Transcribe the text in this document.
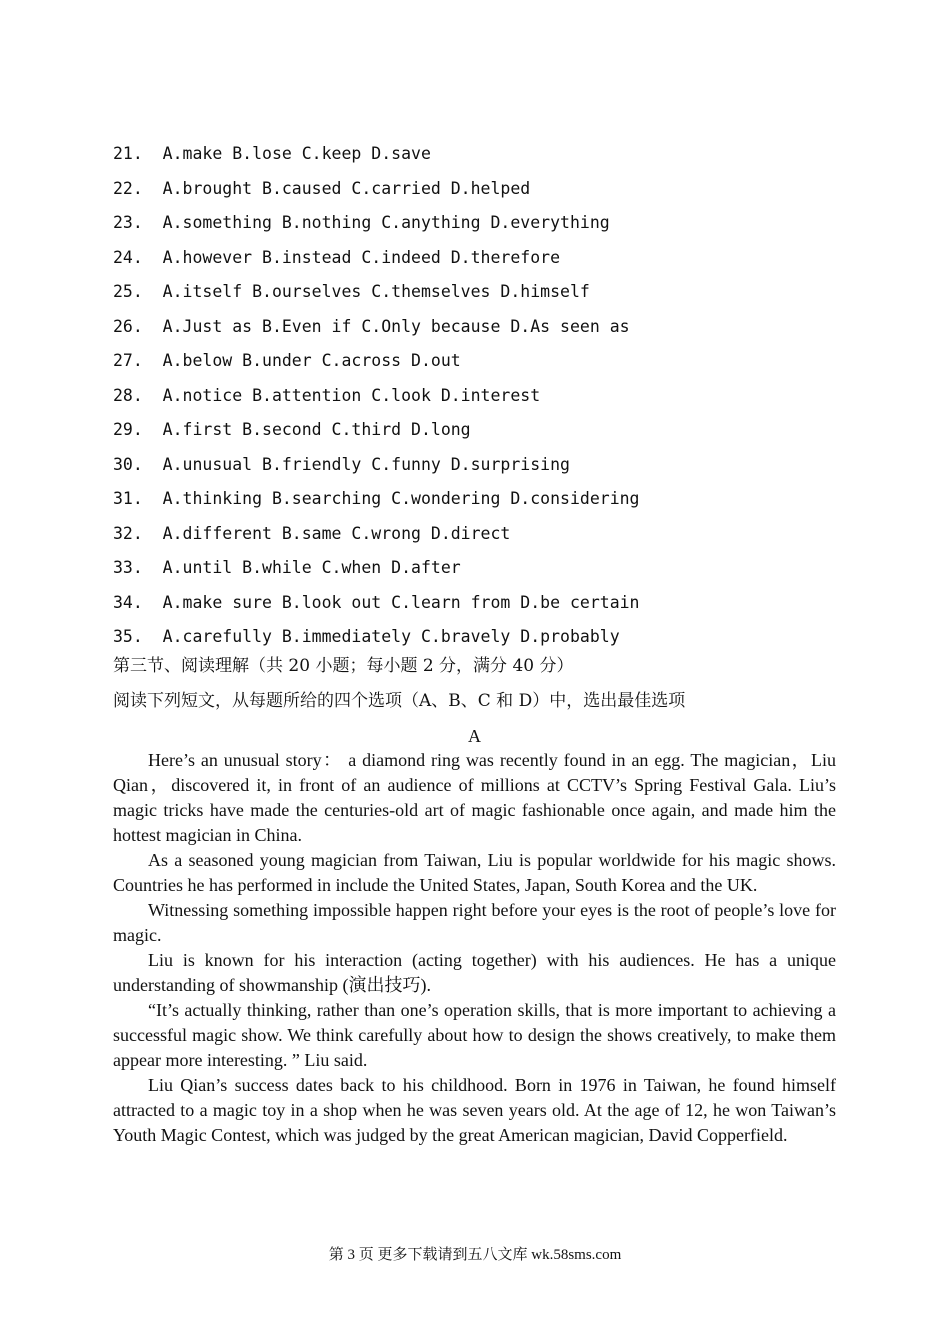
21.  A.make B.lose C.keep D.save
22.  A.brought B.caused C.carried D.helped
23.  A.something B.nothing C.anything D.everything
24.  A.however B.instead C.indeed D.therefore
25.  A.itself B.ourselves C.themselves D.himself
26.  A.Just as B.Even if C.Only because D.As seen as
27.  A.below B.under C.across D.out
28.  A.notice B.attention C.look D.interest
29.  A.first B.second C.third D.long
30.  A.unusual B.friendly C.funny D.surprising
31.  A.thinking B.searching C.wondering D.considering
32.  A.different B.same C.wrong D.direct
33.  A.until B.while C.when D.after
34.  A.make sure B.look out C.learn from D.be certain
35.  A.carefully B.immediately C.bravely D.probably
第三节、阅读理解（共 20 小题；每小题 2 分，满分 40 分）
阅读下列短文，从每题所给的四个选项（A、B、C 和 D）中，选出最佳选项
A

Here’s an unusual story： a diamond ring was recently found in an egg. The magician，Liu Qian，discovered it, in front of an audience of millions at CCTV’s Spring Festival Gala. Liu’s magic tricks have made the centuries-old art of magic fashionable once again, and made him the hottest magician in China.

As a seasoned young magician from Taiwan, Liu is popular worldwide for his magic shows. Countries he has performed in include the United States, Japan, South Korea and the UK.

Witnessing something impossible happen right before your eyes is the root of people’s love for magic.

Liu is known for his interaction (acting together) with his audiences. He has a unique understanding of showmanship (演出技巧).

“It’s actually thinking, rather than one’s operation skills, that is more important to achieving a successful magic show. We think carefully about how to design the shows creatively, to make them appear more interesting. ” Liu said.

Liu Qian’s success dates back to his childhood. Born in 1976 in Taiwan, he found himself attracted to a magic toy in a shop when he was seven years old. At the age of 12, he won Taiwan’s Youth Magic Contest, which was judged by the great American magician, David Copperfield.

第 3 页 更多下载请到五八文库 wk.58sms.com
